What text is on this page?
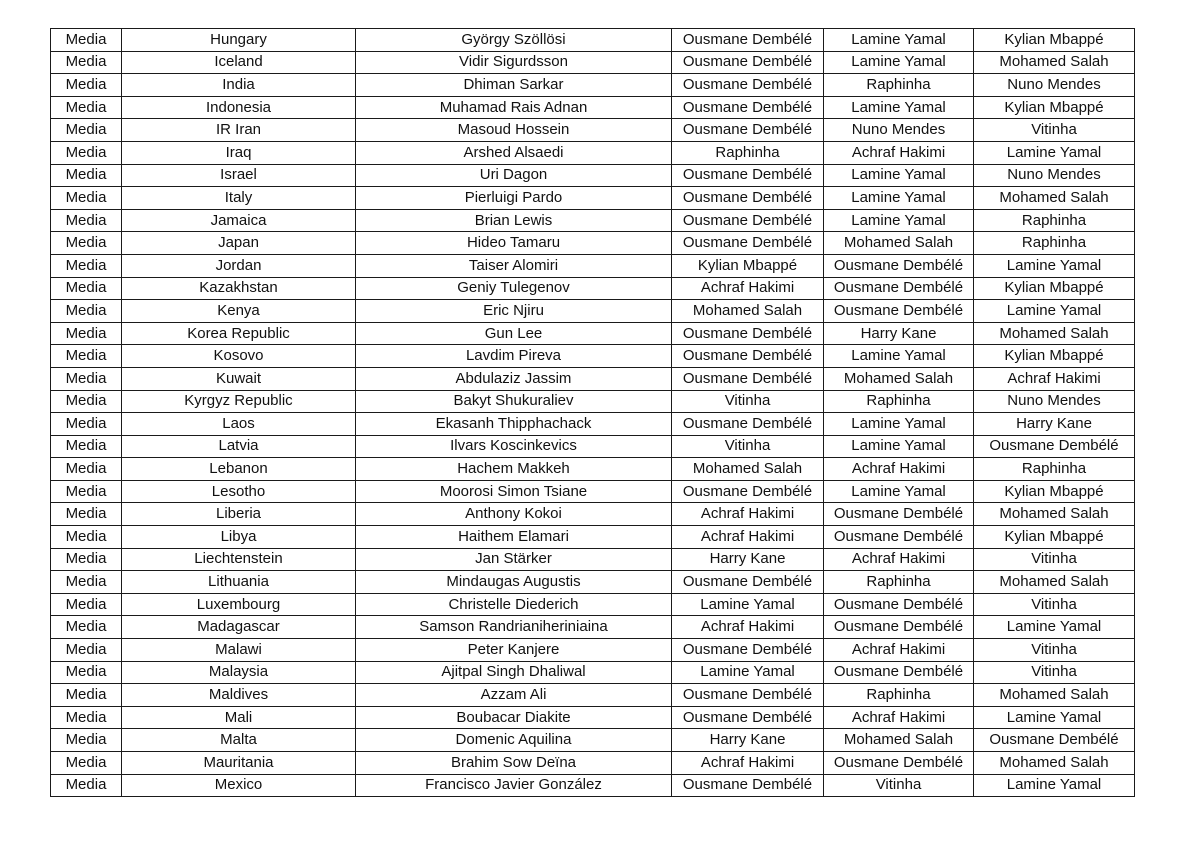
Media	Hungary	György Szöllösi	Ousmane Dembélé	Lamine Yamal	Kylian Mbappé
Media	Iceland	Vidir Sigurdsson	Ousmane Dembélé	Lamine Yamal	Mohamed Salah
Media	India	Dhiman Sarkar	Ousmane Dembélé	Raphinha	Nuno Mendes
Media	Indonesia	Muhamad Rais Adnan	Ousmane Dembélé	Lamine Yamal	Kylian Mbappé
Media	IR Iran	Masoud Hossein	Ousmane Dembélé	Nuno Mendes	Vitinha
Media	Iraq	Arshed Alsaedi	Raphinha	Achraf Hakimi	Lamine Yamal
Media	Israel	Uri Dagon	Ousmane Dembélé	Lamine Yamal	Nuno Mendes
Media	Italy	Pierluigi Pardo	Ousmane Dembélé	Lamine Yamal	Mohamed Salah
Media	Jamaica	Brian Lewis	Ousmane Dembélé	Lamine Yamal	Raphinha
Media	Japan	Hideo Tamaru	Ousmane Dembélé	Mohamed Salah	Raphinha
Media	Jordan	Taiser Alomiri	Kylian Mbappé	Ousmane Dembélé	Lamine Yamal
Media	Kazakhstan	Geniy Tulegenov	Achraf Hakimi	Ousmane Dembélé	Kylian Mbappé
Media	Kenya	Eric Njiru	Mohamed Salah	Ousmane Dembélé	Lamine Yamal
Media	Korea Republic	Gun Lee	Ousmane Dembélé	Harry Kane	Mohamed Salah
Media	Kosovo	Lavdim Pireva	Ousmane Dembélé	Lamine Yamal	Kylian Mbappé
Media	Kuwait	Abdulaziz Jassim	Ousmane Dembélé	Mohamed Salah	Achraf Hakimi
Media	Kyrgyz Republic	Bakyt Shukuraliev	Vitinha	Raphinha	Nuno Mendes
Media	Laos	Ekasanh Thipphachack	Ousmane Dembélé	Lamine Yamal	Harry Kane
Media	Latvia	Ilvars Koscinkevics	Vitinha	Lamine Yamal	Ousmane Dembélé
Media	Lebanon	Hachem Makkeh	Mohamed Salah	Achraf Hakimi	Raphinha
Media	Lesotho	Moorosi Simon Tsiane	Ousmane Dembélé	Lamine Yamal	Kylian Mbappé
Media	Liberia	Anthony Kokoi	Achraf Hakimi	Ousmane Dembélé	Mohamed Salah
Media	Libya	Haithem Elamari	Achraf Hakimi	Ousmane Dembélé	Kylian Mbappé
Media	Liechtenstein	Jan Stärker	Harry Kane	Achraf Hakimi	Vitinha
Media	Lithuania	Mindaugas Augustis	Ousmane Dembélé	Raphinha	Mohamed Salah
Media	Luxembourg	Christelle Diederich	Lamine Yamal	Ousmane Dembélé	Vitinha
Media	Madagascar	Samson Randrianiheriniaina	Achraf Hakimi	Ousmane Dembélé	Lamine Yamal
Media	Malawi	Peter Kanjere	Ousmane Dembélé	Achraf Hakimi	Vitinha
Media	Malaysia	Ajitpal Singh Dhaliwal	Lamine Yamal	Ousmane Dembélé	Vitinha
Media	Maldives	Azzam Ali	Ousmane Dembélé	Raphinha	Mohamed Salah
Media	Mali	Boubacar Diakite	Ousmane Dembélé	Achraf Hakimi	Lamine Yamal
Media	Malta	Domenic Aquilina	Harry Kane	Mohamed Salah	Ousmane Dembélé
Media	Mauritania	Brahim Sow Deïna	Achraf Hakimi	Ousmane Dembélé	Mohamed Salah
Media	Mexico	Francisco Javier González	Ousmane Dembélé	Vitinha	Lamine Yamal
